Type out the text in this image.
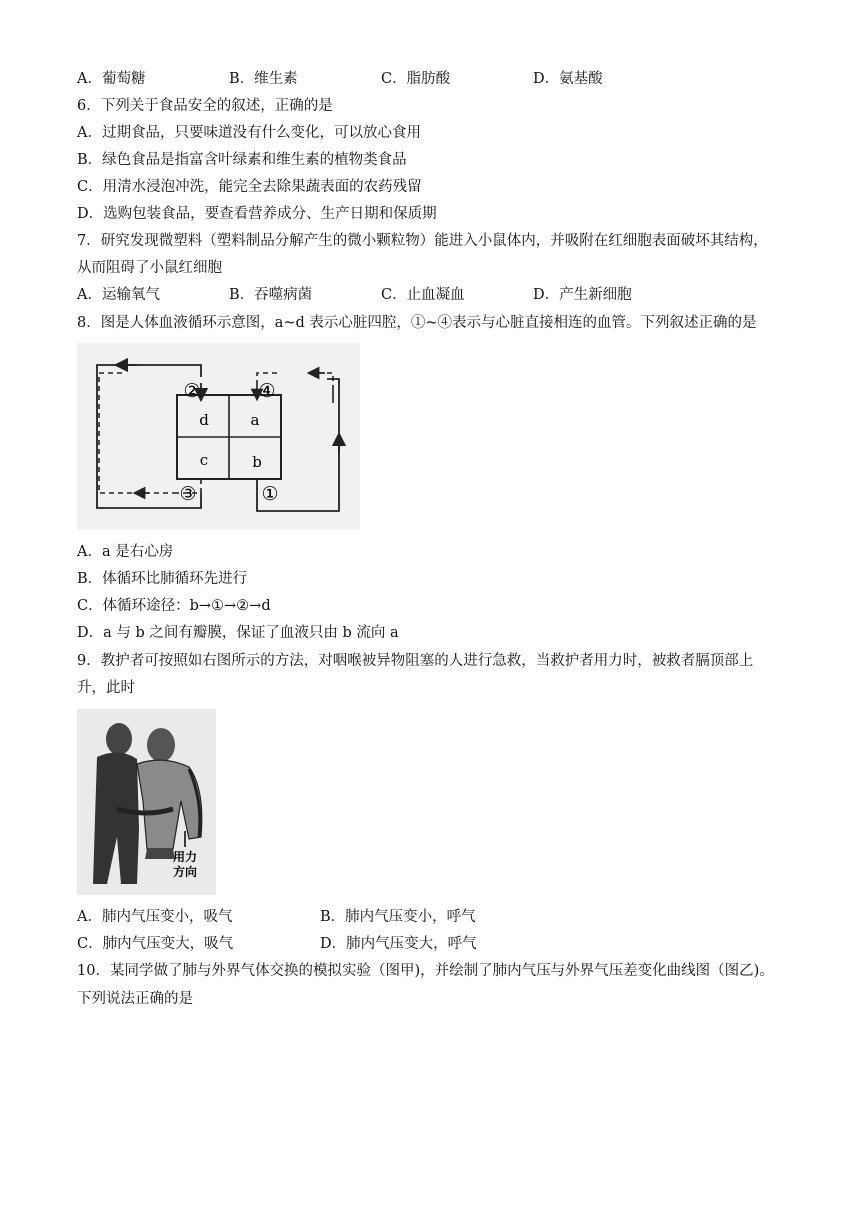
A．葡萄糖	B．维生素	C．脂肪酸	D．氨基酸
6．下列关于食品安全的叙述，正确的是
A．过期食品，只要味道没有什么变化，可以放心食用
B．绿色食品是指富含叶绿素和维生素的植物类食品
C．用清水浸泡冲洗，能完全去除果蔬表面的农药残留
D．选购包装食品，要查看营养成分、生产日期和保质期
7．研究发现微塑料（塑料制品分解产生的微小颗粒物）能进入小鼠体内，并吸附在红细胞表面破坏其结构，
从而阻碍了小鼠红细胞
A．运输氧气	B．吞噬病菌	C．止血凝血	D．产生新细胞
8．图是人体血液循环示意图，a~d 表示心脏四腔，①~④表示与心脏直接相连的血管。下列叙述正确的是
d	a
c	b
②	④
③	①
A．a 是右心房
B．体循环比肺循环先进行
C．体循环途径：b→①→②→d
D．a 与 b 之间有瓣膜，保证了血液只由 b 流向 a
9．教护者可按照如右图所示的方法，对咽喉被异物阻塞的人进行急救，当救护者用力时，被救者膈顶部上
升，此时
用力
方向
A．肺内气压变小，吸气	B．肺内气压变小，呼气
C．肺内气压变大，吸气	D．肺内气压变大，呼气
10．某同学做了肺与外界气体交换的模拟实验（图甲)，并绘制了肺内气压与外界气压差变化曲线图（图乙)。
下列说法正确的是
